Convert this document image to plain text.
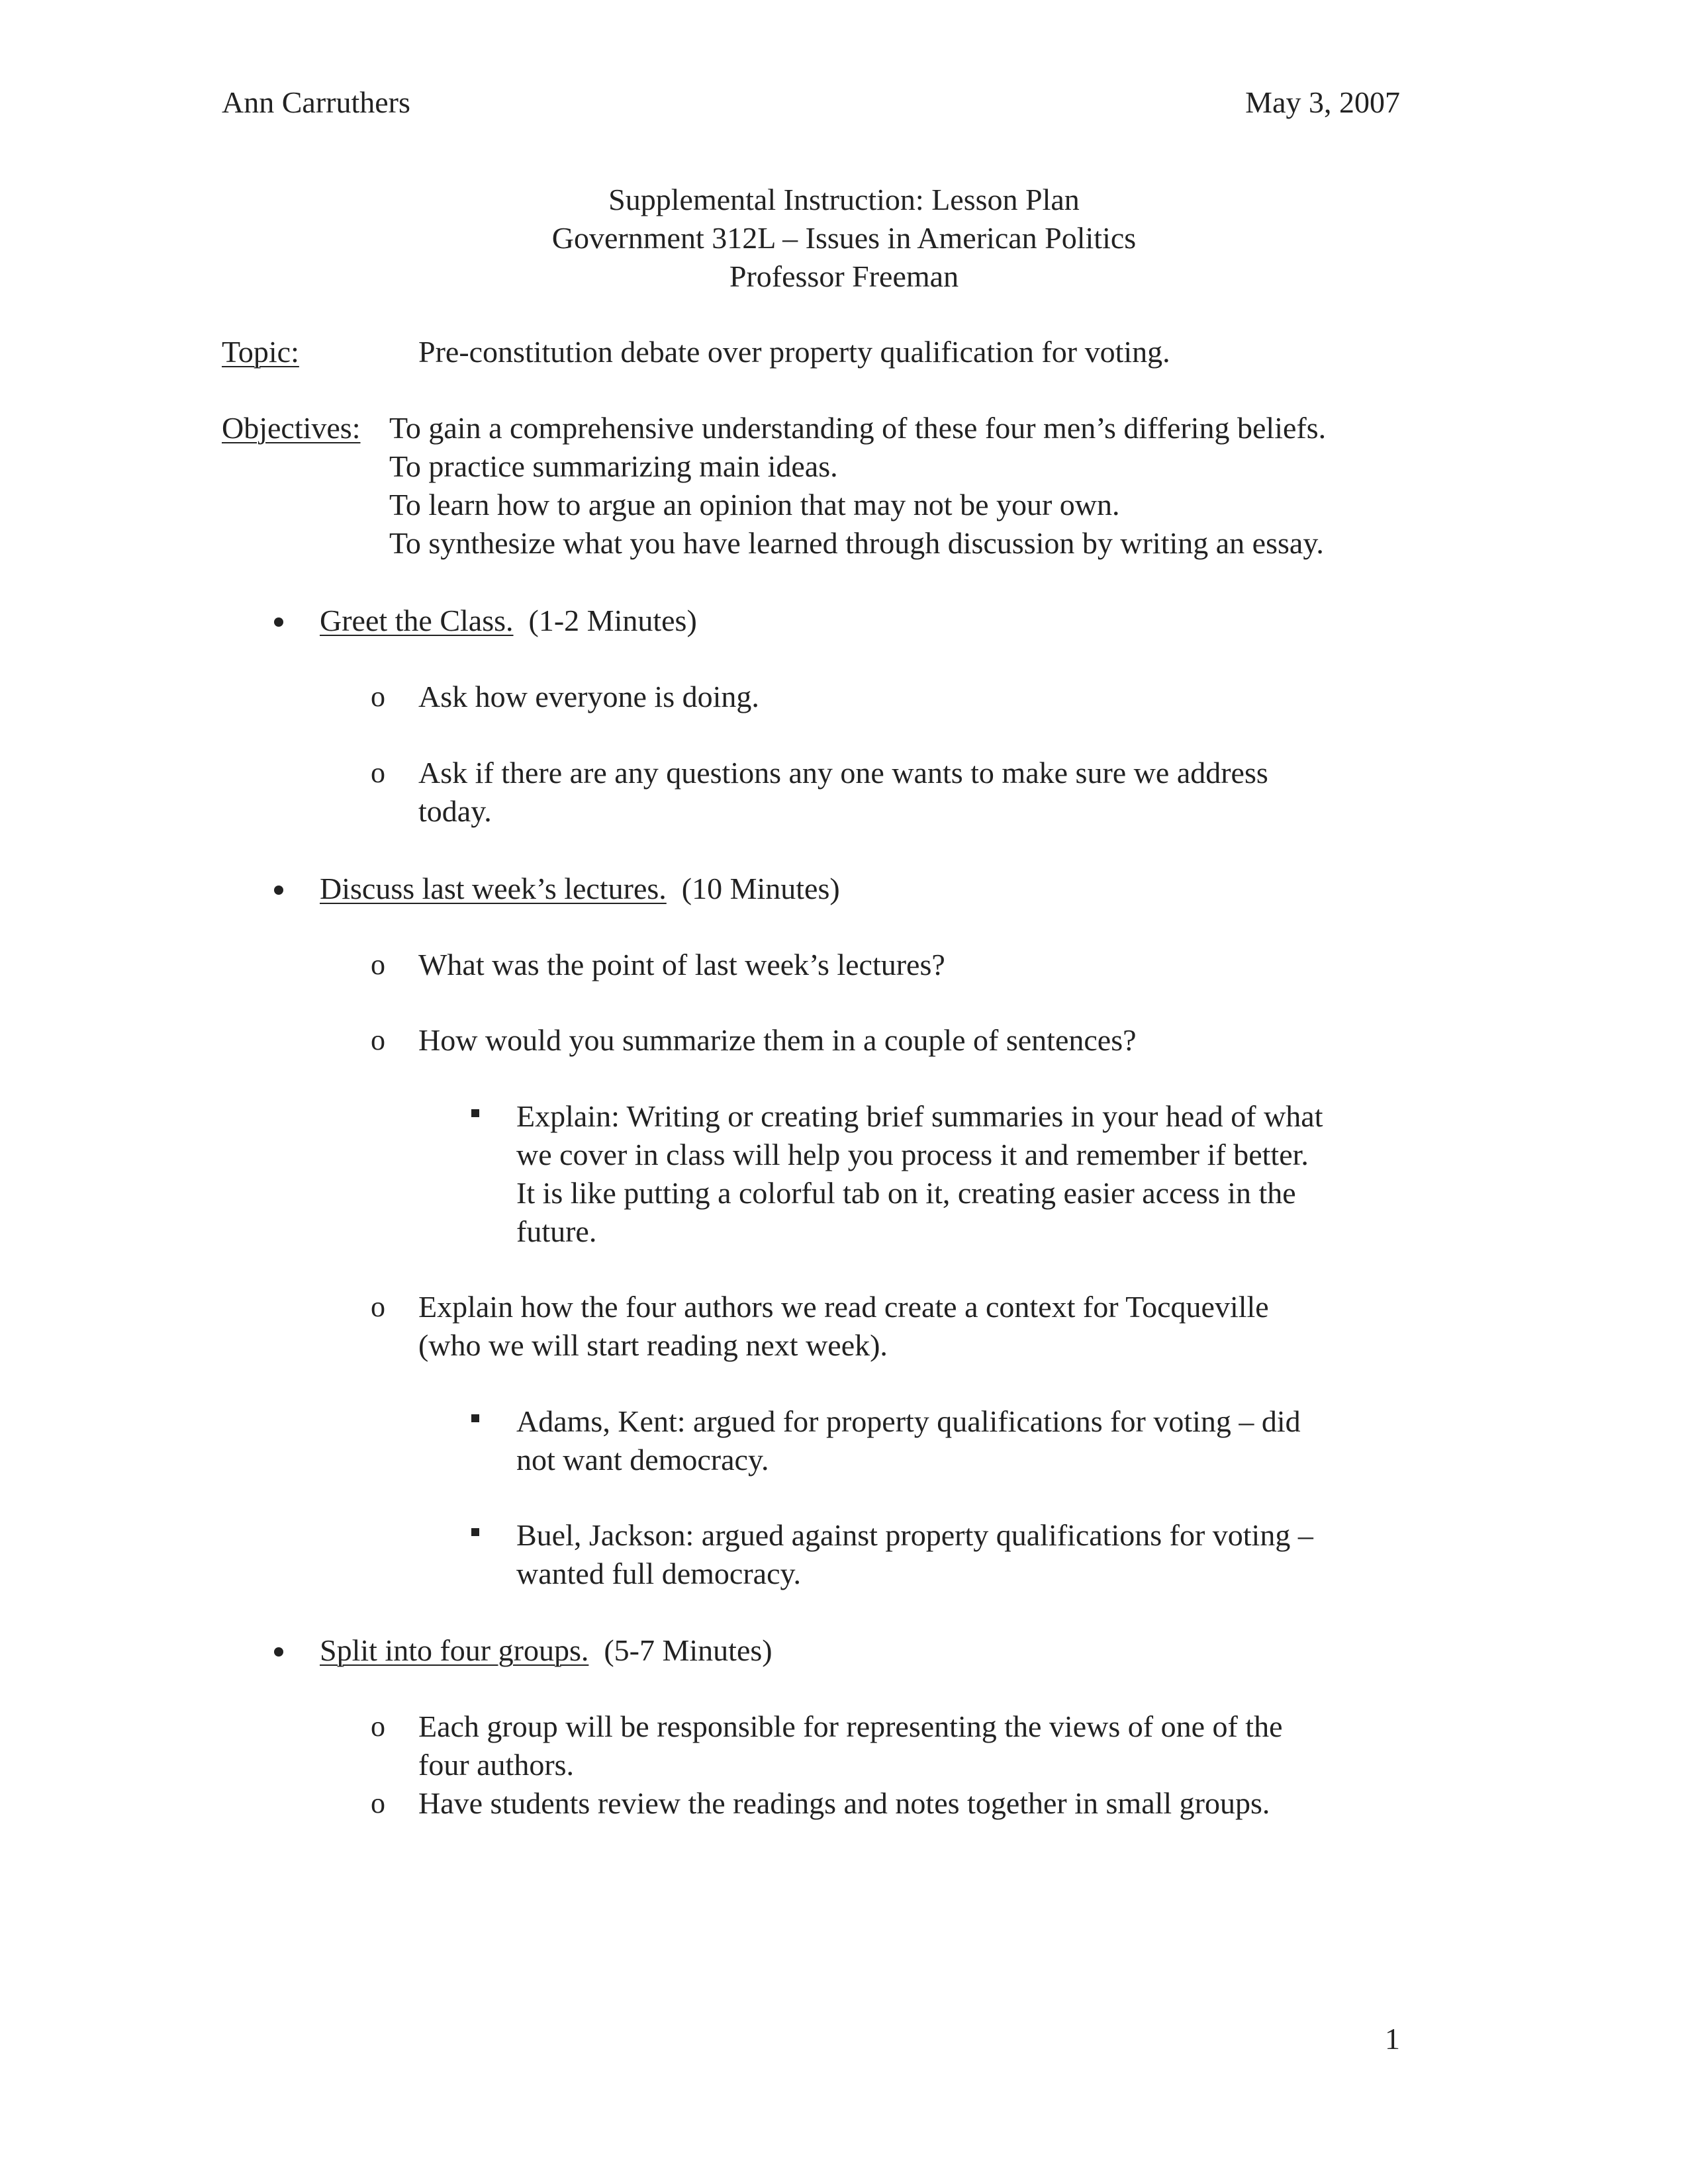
Ann Carruthers	May 3, 2007
Supplemental Instruction: Lesson Plan
Government 312L – Issues in American Politics
Professor Freeman
Topic:	Pre-constitution debate over property qualification for voting.
Objectives: To gain a comprehensive understanding of these four men’s differing beliefs.
To practice summarizing main ideas.
To learn how to argue an opinion that may not be your own.
To synthesize what you have learned through discussion by writing an essay.
Greet the Class. (1-2 Minutes)
o Ask how everyone is doing.
o Ask if there are any questions any one wants to make sure we address
today.
Discuss last week’s lectures. (10 Minutes)
o What was the point of last week’s lectures?
o How would you summarize them in a couple of sentences?
Explain: Writing or creating brief summaries in your head of what
we cover in class will help you process it and remember if better.
It is like putting a colorful tab on it, creating easier access in the
future.
o Explain how the four authors we read create a context for Tocqueville
(who we will start reading next week).
Adams, Kent: argued for property qualifications for voting – did
not want democracy.
Buel, Jackson: argued against property qualifications for voting –
wanted full democracy.
Split into four groups. (5-7 Minutes)
o Each group will be responsible for representing the views of one of the
four authors.
o Have students review the readings and notes together in small groups.
1
